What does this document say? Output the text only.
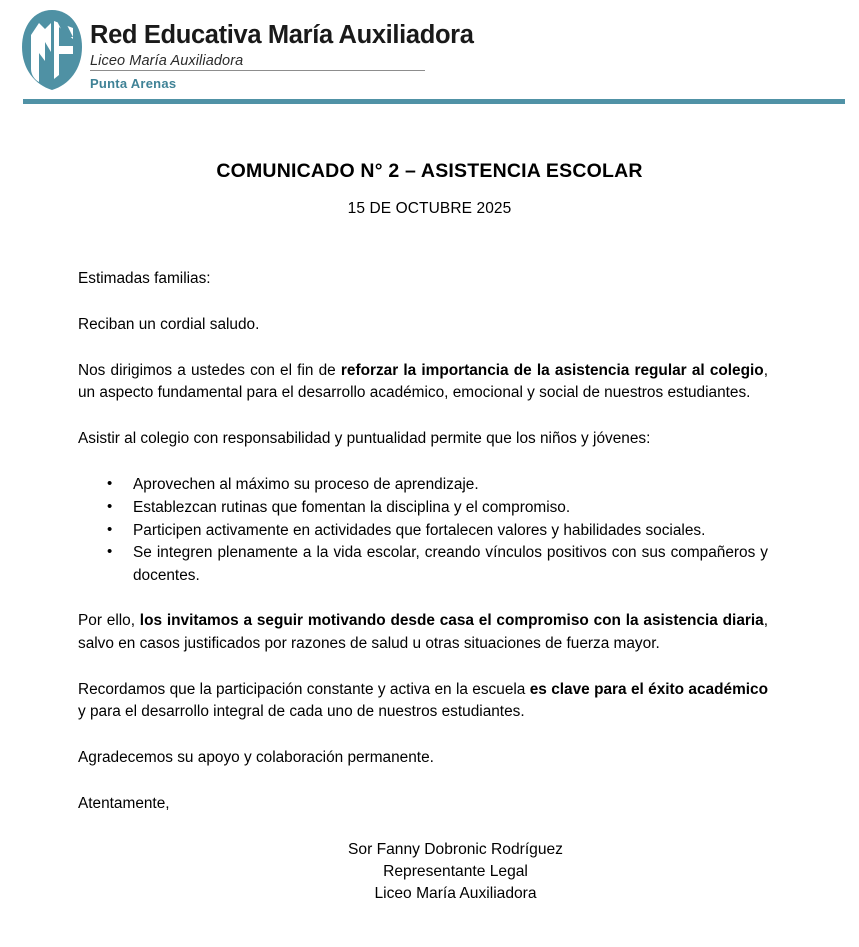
Red Educativa María Auxiliadora
Liceo María Auxiliadora
Punta Arenas
COMUNICADO N° 2 – ASISTENCIA ESCOLAR
15 DE OCTUBRE 2025

Estimadas familias:

Reciban un cordial saludo.

Nos dirigimos a ustedes con el fin de reforzar la importancia de la asistencia regular al colegio, un aspecto fundamental para el desarrollo académico, emocional y social de nuestros estudiantes.

Asistir al colegio con responsabilidad y puntualidad permite que los niños y jóvenes:

• Aprovechen al máximo su proceso de aprendizaje.
• Establezcan rutinas que fomentan la disciplina y el compromiso.
• Participen activamente en actividades que fortalecen valores y habilidades sociales.
• Se integren plenamente a la vida escolar, creando vínculos positivos con sus compañeros y docentes.

Por ello, los invitamos a seguir motivando desde casa el compromiso con la asistencia diaria, salvo en casos justificados por razones de salud u otras situaciones de fuerza mayor.

Recordamos que la participación constante y activa en la escuela es clave para el éxito académico y para el desarrollo integral de cada uno de nuestros estudiantes.

Agradecemos su apoyo y colaboración permanente.

Atentamente,

Sor Fanny Dobronic Rodríguez
Representante Legal
Liceo María Auxiliadora
